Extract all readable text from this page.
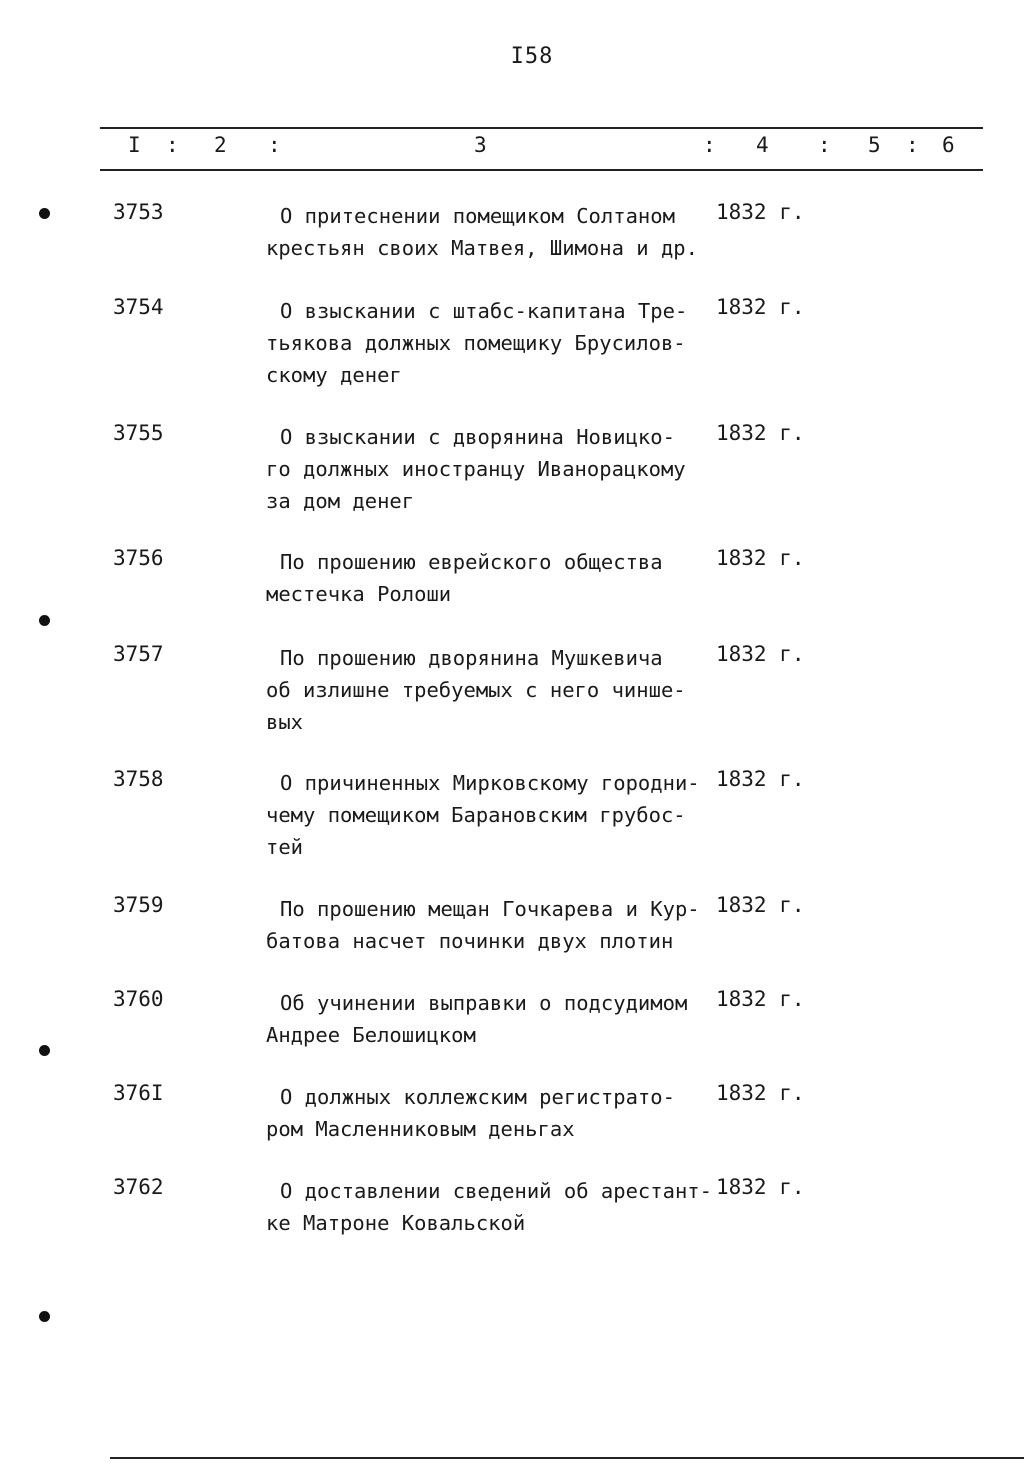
I58
I : 2 :	3	: 4 : 5 : 6
3753	О притеснении помещиком Солтаном
крестьян своих Матвея, Шимона и др.
1832 г.
3754	О взыскании с штабс-капитана Тре-
тьякова должных помещику Брусилов-
скому денег
1832 г.
3755	О взыскании с дворянина Новицко-
го должных иностранцу Иванорацкому
за дом денег
1832 г.
3756	По прошению еврейского общества
местечка Ролоши
1832 г.
3757	По прошению дворянина Мушкевича
об излишне требуемых с него чинше-
вых
1832 г.
3758	О причиненных Мирковскому городни-
чему помещиком Барановским грубос-
тей
1832 г.
3759	По прошению мещан Гочкарева и Кур-
батова насчет починки двух плотин
1832 г.
3760	Об учинении выправки о подсудимом
Андрее Белошицком
1832 г.
376I	О должных коллежским регистрато-
ром Масленниковым деньгах
1832 г.
3762	О доставлении сведений об арестант-
ке Матроне Ковальской
1832 г.
